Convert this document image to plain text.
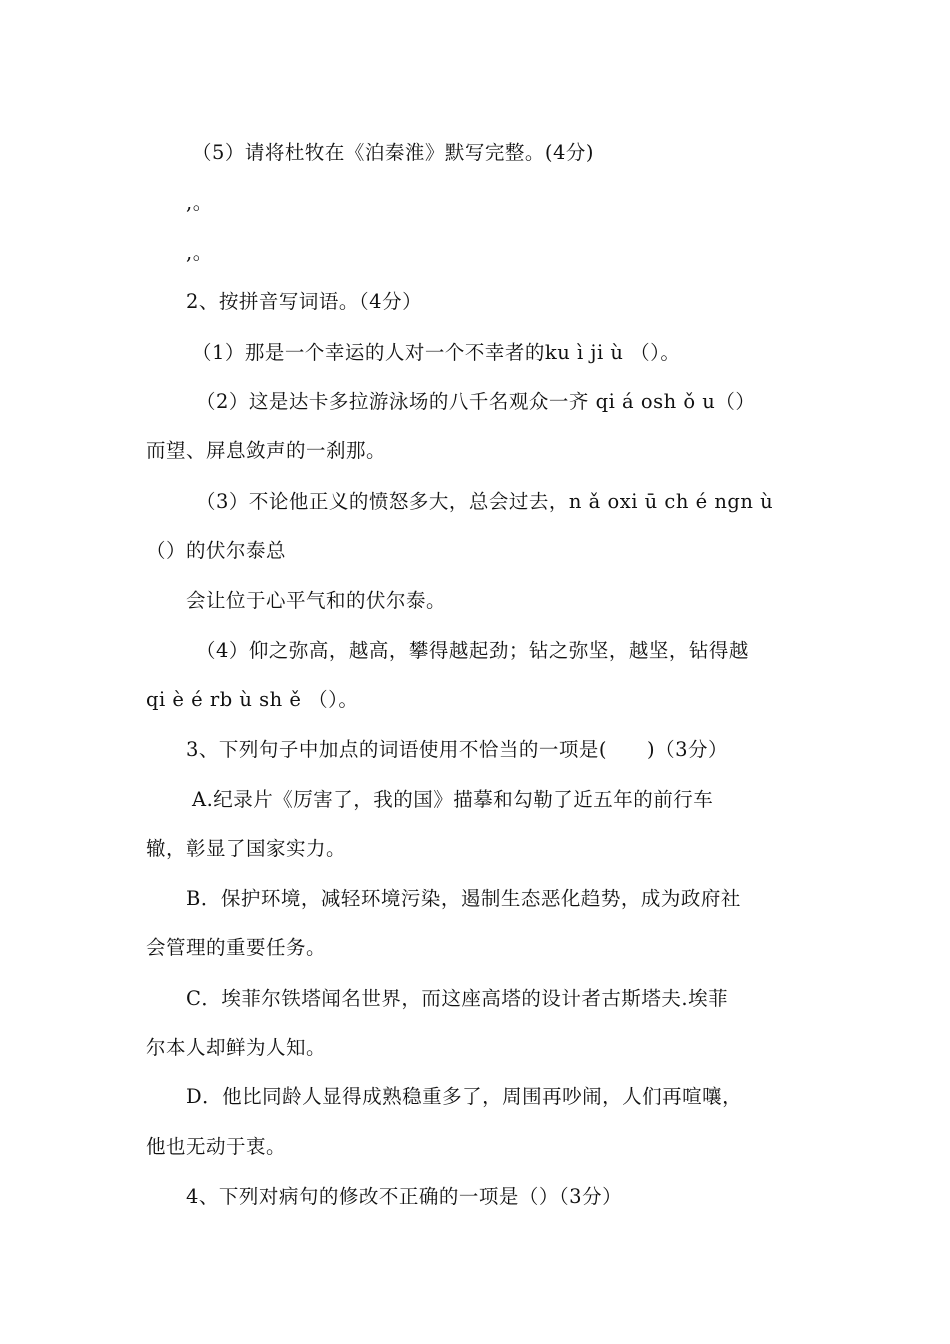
（5）请将杜牧在《泊秦淮》默写完整。(4分)
,。
,。
2、按拼音写词语。（4分）
（1）那是一个幸运的人对一个不幸者的ku ì ji ù （）。
（2）这是达卡多拉游泳场的八千名观众一齐 qi á osh ǒ u（）
而望、屏息敛声的一刹那。
（3）不论他正义的愤怒多大，总会过去，n ǎ oxi ū ch é ngn ù
（）的伏尔泰总
会让位于心平气和的伏尔泰。
（4）仰之弥高，越高，攀得越起劲；钻之弥坚，越坚，钻得越
qi è é rb ù sh ě （）。
3、下列句子中加点的词语使用不恰当的一项是(　　)（3分）
A.纪录片《厉害了，我的国》描摹和勾勒了近五年的前行车
辙，彰显了国家实力。
B．保护环境，减轻环境污染，遏制生态恶化趋势，成为政府社
会管理的重要任务。
C．埃菲尔铁塔闻名世界，而这座高塔的设计者古斯塔夫.埃菲
尔本人却鲜为人知。
D．他比同龄人显得成熟稳重多了，周围再吵闹，人们再喧嚷，
他也无动于衷。
4、下列对病句的修改不正确的一项是（）（3分）
